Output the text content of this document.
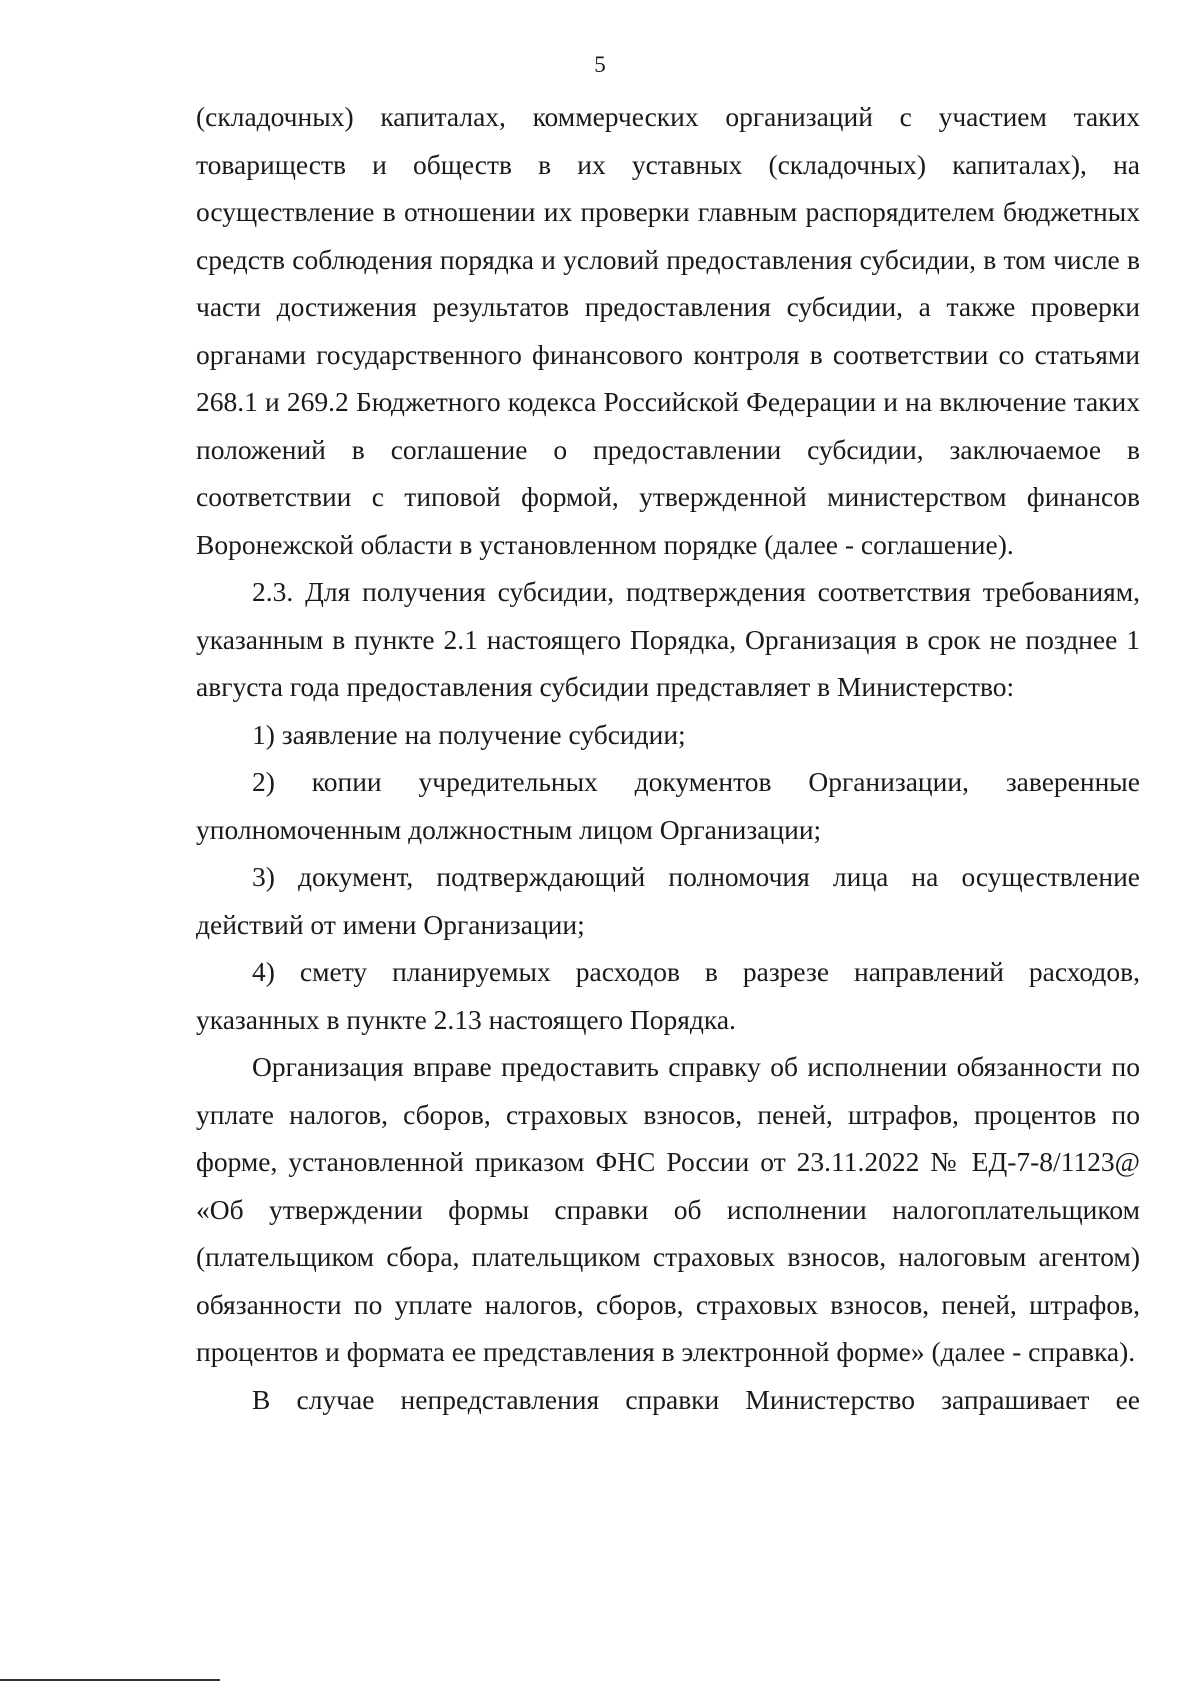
5

(складочных) капиталах, коммерческих организаций с участием таких товариществ и обществ в их уставных (складочных) капиталах), на осуществление в отношении их проверки главным распорядителем бюджетных средств соблюдения порядка и условий предоставления субсидии, в том числе в части достижения результатов предоставления субсидии, а также проверки органами государственного финансового контроля в соответствии со статьями 268.1 и 269.2 Бюджетного кодекса Российской Федерации и на включение таких положений в соглашение о предоставлении субсидии, заключаемое в соответствии с типовой формой, утвержденной министерством финансов Воронежской области в установленном порядке (далее - соглашение).

2.3. Для получения субсидии, подтверждения соответствия требованиям, указанным в пункте 2.1 настоящего Порядка, Организация в срок не позднее 1 августа года предоставления субсидии представляет в Министерство:

1) заявление на получение субсидии;

2) копии учредительных документов Организации, заверенные уполномоченным должностным лицом Организации;

3) документ, подтверждающий полномочия лица на осуществление действий от имени Организации;

4) смету планируемых расходов в разрезе направлений расходов, указанных в пункте 2.13 настоящего Порядка.

Организация вправе предоставить справку об исполнении обязанности по уплате налогов, сборов, страховых взносов, пеней, штрафов, процентов по форме, установленной приказом ФНС России от 23.11.2022 № ЕД-7-8/1123@ «Об утверждении формы справки об исполнении налогоплательщиком (плательщиком сбора, плательщиком страховых взносов, налоговым агентом) обязанности по уплате налогов, сборов, страховых взносов, пеней, штрафов, процентов и формата ее представления в электронной форме» (далее - справка).

В случае непредставления справки Министерство запрашивает ее
